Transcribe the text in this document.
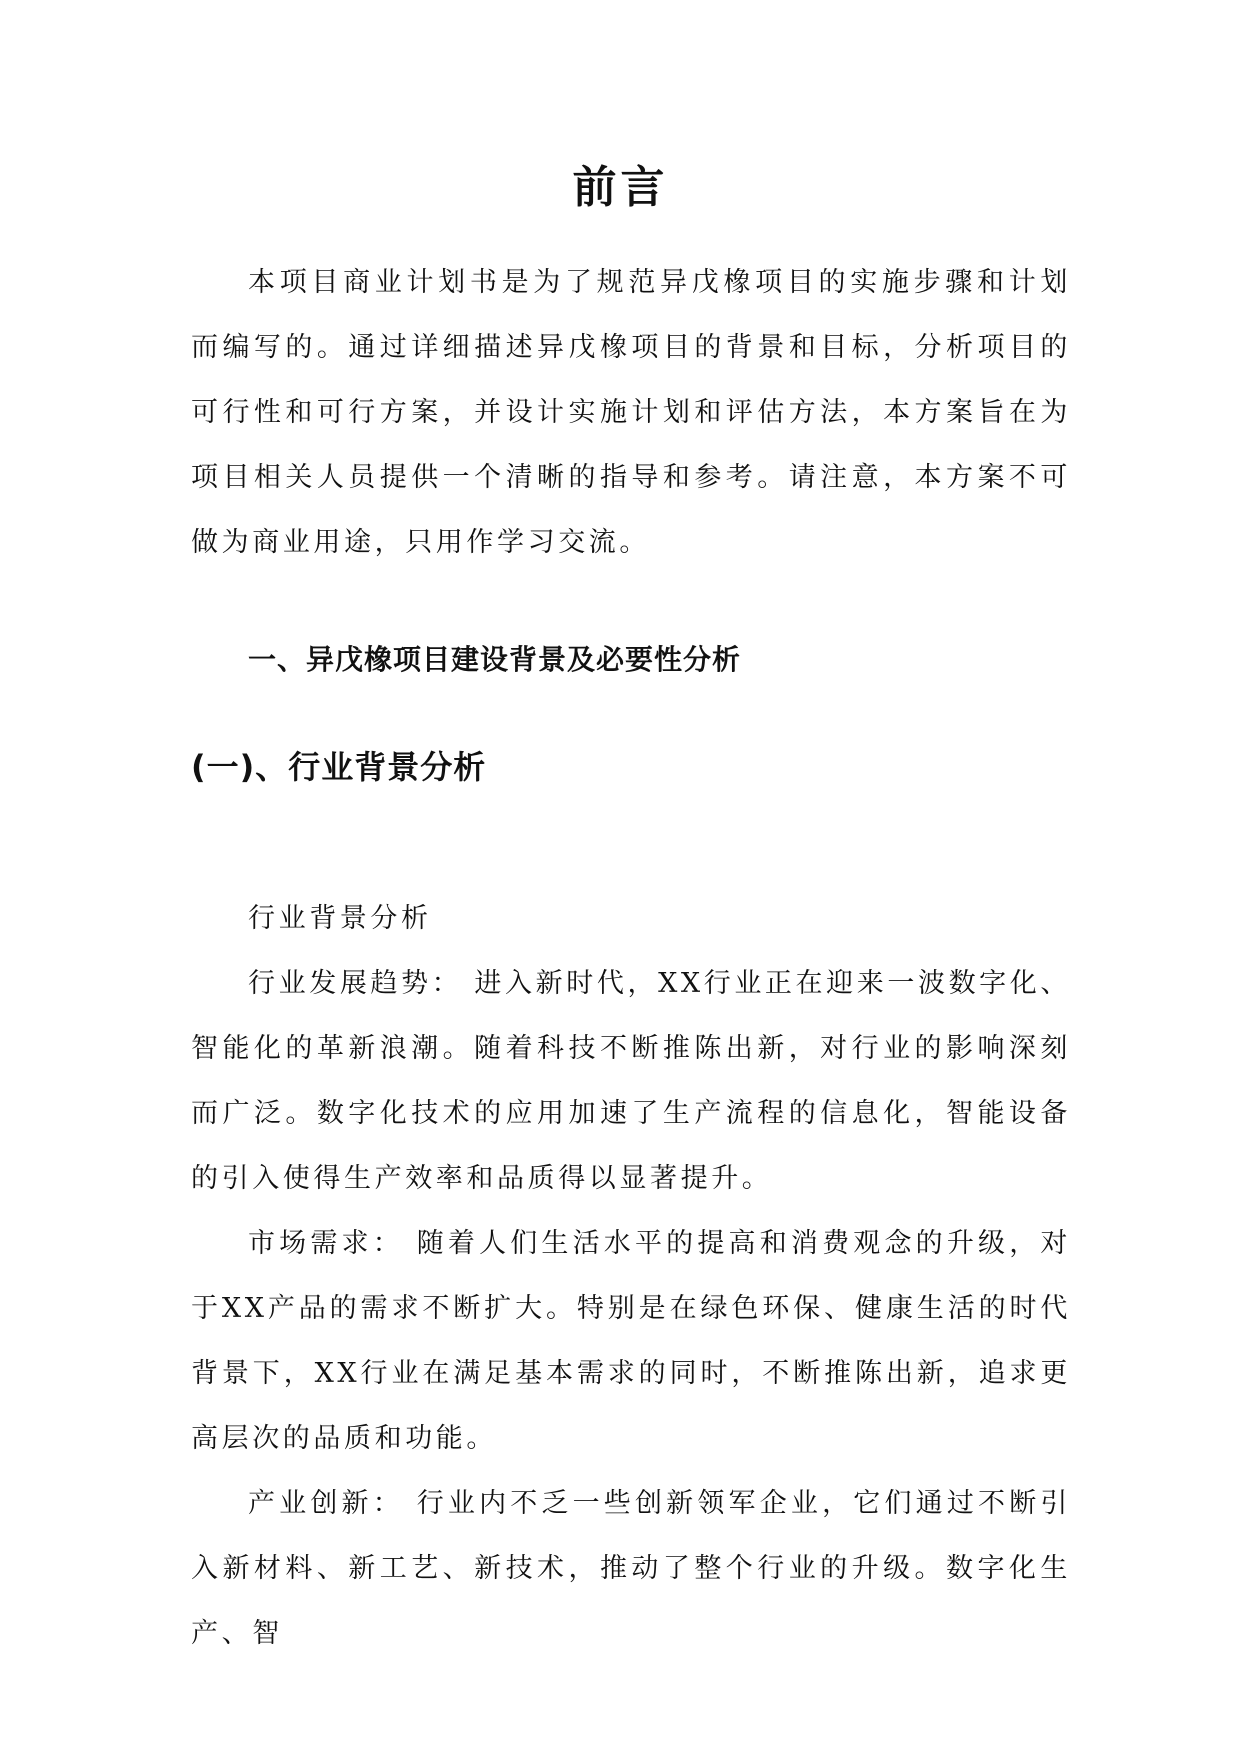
前言

本项目商业计划书是为了规范异戊橡项目的实施步骤和计划而编写的。通过详细描述异戊橡项目的背景和目标，分析项目的可行性和可行方案，并设计实施计划和评估方法，本方案旨在为项目相关人员提供一个清晰的指导和参考。请注意，本方案不可做为商业用途，只用作学习交流。

一、异戊橡项目建设背景及必要性分析
(一)、行业背景分析

行业背景分析

行业发展趋势： 进入新时代，XX行业正在迎来一波数字化、智能化的革新浪潮。随着科技不断推陈出新，对行业的影响深刻而广泛。数字化技术的应用加速了生产流程的信息化，智能设备的引入使得生产效率和品质得以显著提升。

市场需求： 随着人们生活水平的提高和消费观念的升级，对于XX产品的需求不断扩大。特别是在绿色环保、健康生活的时代背景下，XX行业在满足基本需求的同时，不断推陈出新，追求更高层次的品质和功能。

产业创新： 行业内不乏一些创新领军企业，它们通过不断引入新材料、新工艺、新技术，推动了整个行业的升级。数字化生产、智
